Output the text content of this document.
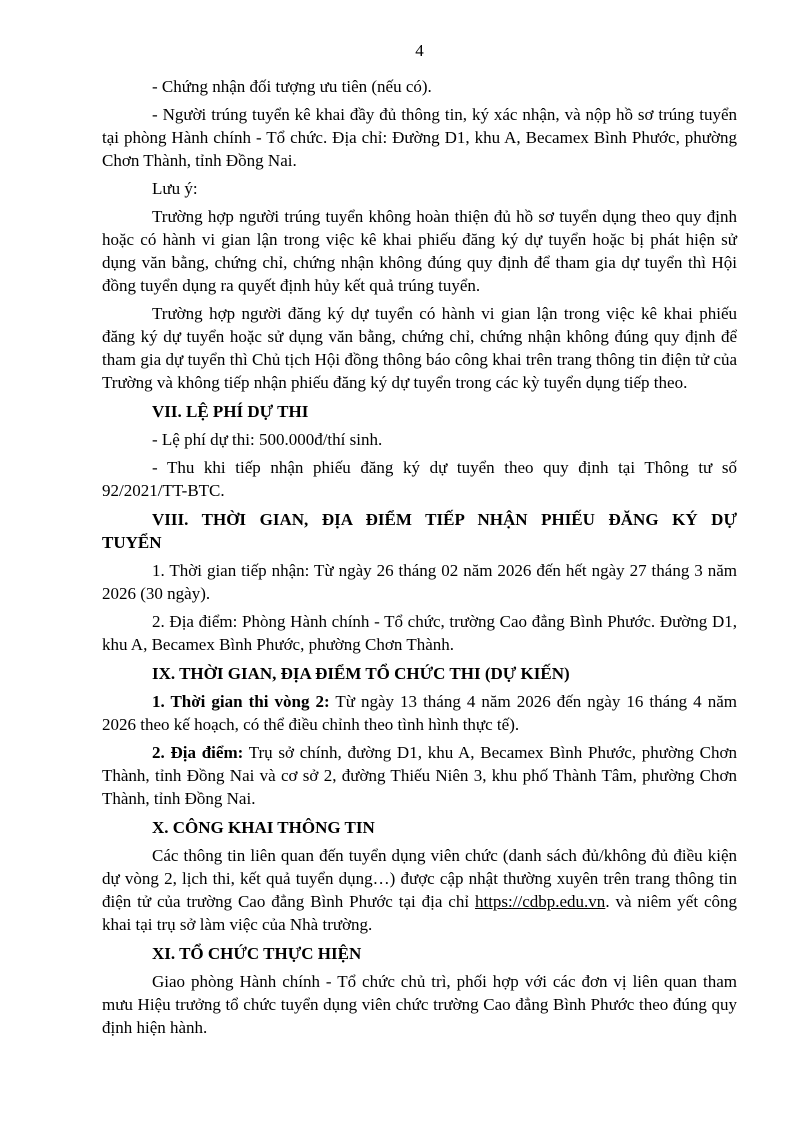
4

- Chứng nhận đối tượng ưu tiên (nếu có).

- Người trúng tuyển kê khai đầy đủ thông tin, ký xác nhận, và nộp hồ sơ trúng tuyển tại phòng Hành chính - Tổ chức. Địa chỉ: Đường D1, khu A, Becamex Bình Phước, phường Chơn Thành, tỉnh Đồng Nai.

Lưu ý:

Trường hợp người trúng tuyển không hoàn thiện đủ hồ sơ tuyển dụng theo quy định hoặc có hành vi gian lận trong việc kê khai phiếu đăng ký dự tuyển hoặc bị phát hiện sử dụng văn bằng, chứng chỉ, chứng nhận không đúng quy định để tham gia dự tuyển thì Hội đồng tuyển dụng ra quyết định hủy kết quả trúng tuyển.

Trường hợp người đăng ký dự tuyển có hành vi gian lận trong việc kê khai phiếu đăng ký dự tuyển hoặc sử dụng văn bằng, chứng chỉ, chứng nhận không đúng quy định để tham gia dự tuyển thì Chủ tịch Hội đồng thông báo công khai trên trang thông tin điện tử của Trường và không tiếp nhận phiếu đăng ký dự tuyển trong các kỳ tuyển dụng tiếp theo.

VII. LỆ PHÍ DỰ THI

- Lệ phí dự thi: 500.000đ/thí sinh.

- Thu khi tiếp nhận phiếu đăng ký dự tuyển theo quy định tại Thông tư số 92/2021/TT-BTC.

VIII. THỜI GIAN, ĐỊA ĐIỂM TIẾP NHẬN PHIẾU ĐĂNG KÝ DỰ
TUYỂN

1. Thời gian tiếp nhận: Từ ngày 26 tháng 02 năm 2026 đến hết ngày 27 tháng 3 năm 2026 (30 ngày).

2. Địa điểm: Phòng Hành chính - Tổ chức, trường Cao đẳng Bình Phước. Đường D1, khu A, Becamex Bình Phước, phường Chơn Thành.

IX. THỜI GIAN, ĐỊA ĐIỂM TỔ CHỨC THI (DỰ KIẾN)

1. Thời gian thi vòng 2: Từ ngày 13 tháng 4 năm 2026 đến ngày 16 tháng 4 năm 2026 theo kế hoạch, có thể điều chỉnh theo tình hình thực tế).

2. Địa điểm: Trụ sở chính, đường D1, khu A, Becamex Bình Phước, phường Chơn Thành, tỉnh Đồng Nai và cơ sở 2, đường Thiếu Niên 3, khu phố Thành Tâm, phường Chơn Thành, tỉnh Đồng Nai.

X. CÔNG KHAI THÔNG TIN

Các thông tin liên quan đến tuyển dụng viên chức (danh sách đủ/không đủ điều kiện dự vòng 2, lịch thi, kết quả tuyển dụng…) được cập nhật thường xuyên trên trang thông tin điện tử của trường Cao đẳng Bình Phước tại địa chỉ https://cdbp.edu.vn. và niêm yết công khai tại trụ sở làm việc của Nhà trường.

XI. TỔ CHỨC THỰC HIỆN

Giao phòng Hành chính - Tổ chức chủ trì, phối hợp với các đơn vị liên quan tham mưu Hiệu trưởng tổ chức tuyển dụng viên chức trường Cao đẳng Bình Phước theo đúng quy định hiện hành.
